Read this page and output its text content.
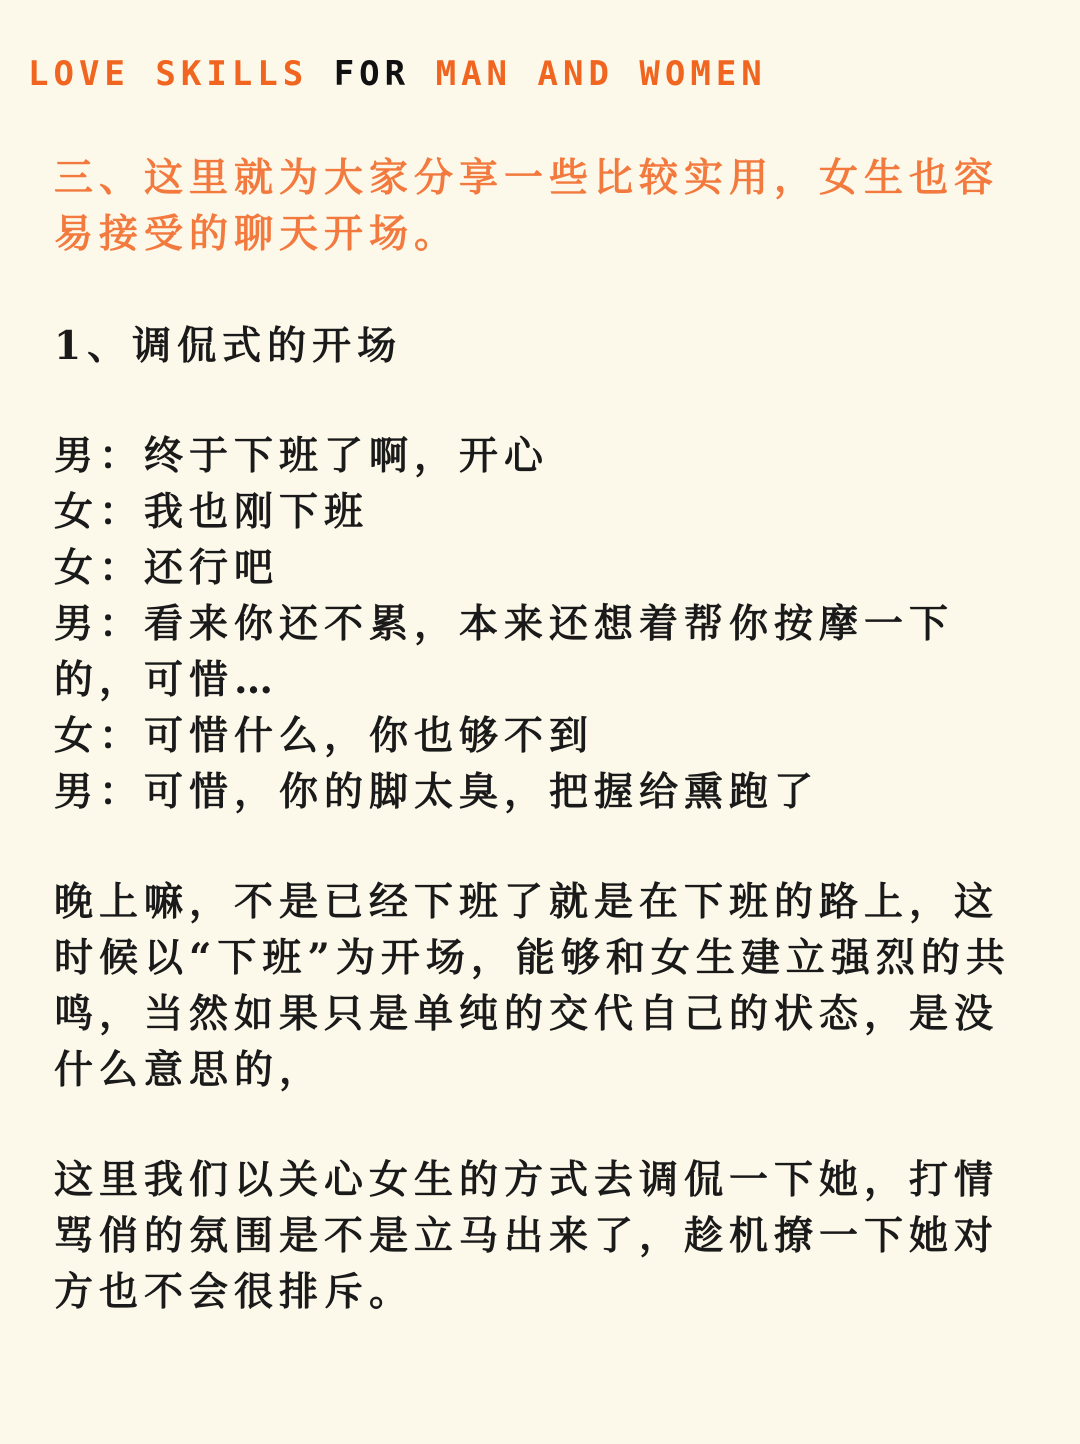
LOVE SKILLS FOR MAN AND WOMEN

三、这里就为大家分享一些比较实用，女生也容易接受的聊天开场。

1、调侃式的开场

男：终于下班了啊，开心
女：我也刚下班
女：还行吧
男：看来你还不累，本来还想着帮你按摩一下的，可惜…
女：可惜什么，你也够不到
男：可惜，你的脚太臭，把握给熏跑了

晚上嘛，不是已经下班了就是在下班的路上，这时候以“下班”为开场，能够和女生建立强烈的共鸣，当然如果只是单纯的交代自己的状态，是没什么意思的，

这里我们以关心女生的方式去调侃一下她，打情骂俏的氛围是不是立马出来了，趁机撩一下她对方也不会很排斥。
